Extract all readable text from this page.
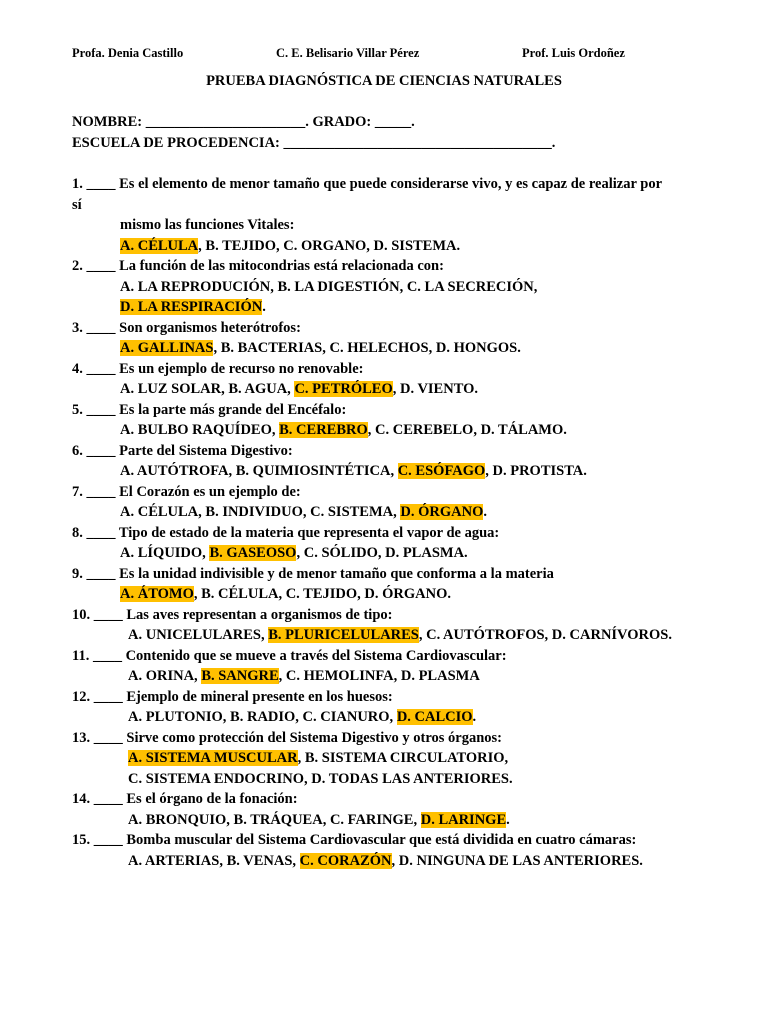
Profa. Denia Castillo	C. E. Belisario Villar Pérez	Prof. Luis Ordoñez
PRUEBA DIAGNÓSTICA DE CIENCIAS NATURALES
NOMBRE: ______________________. GRADO: _____.
ESCUELA DE PROCEDENCIA: _____________________________________.
1. ____ Es el elemento de menor tamaño que puede considerarse vivo, y es capaz de realizar por
sí
mismo las funciones Vitales:
A. CÉLULA, B. TEJIDO, C. ORGANO, D. SISTEMA.
2. ____ La función de las mitocondrias está relacionada con:
A. LA REPRODUCIÓN, B. LA DIGESTIÓN, C. LA SECRECIÓN,
D. LA RESPIRACIÓN.
3. ____ Son organismos heterótrofos:
A. GALLINAS, B. BACTERIAS, C. HELECHOS, D. HONGOS.
4. ____ Es un ejemplo de recurso no renovable:
A. LUZ SOLAR, B. AGUA, C. PETRÓLEO, D. VIENTO.
5. ____ Es la parte más grande del Encéfalo:
A. BULBO RAQUÍDEO, B. CEREBRO, C. CEREBELO, D. TÁLAMO.
6. ____ Parte del Sistema Digestivo:
A. AUTÓTROFA, B. QUIMIOSINTÉTICA, C. ESÓFAGO, D. PROTISTA.
7. ____ El Corazón es un ejemplo de:
A. CÉLULA, B. INDIVIDUO, C. SISTEMA, D. ÓRGANO.
8. ____ Tipo de estado de la materia que representa el vapor de agua:
A. LÍQUIDO, B. GASEOSO, C. SÓLIDO, D. PLASMA.
9. ____ Es la unidad indivisible y de menor tamaño que conforma a la materia
A. ÁTOMO, B. CÉLULA, C. TEJIDO, D. ÓRGANO.
10. ____ Las aves representan a organismos de tipo:
A. UNICELULARES, B. PLURICELULARES, C. AUTÓTROFOS, D. CARNÍVOROS.
11. ____ Contenido que se mueve a través del Sistema Cardiovascular:
A. ORINA, B. SANGRE, C. HEMOLINFA, D. PLASMA
12. ____ Ejemplo de mineral presente en los huesos:
A. PLUTONIO, B. RADIO, C. CIANURO, D. CALCIO.
13. ____ Sirve como protección del Sistema Digestivo y otros órganos:
A. SISTEMA MUSCULAR, B. SISTEMA CIRCULATORIO,
C. SISTEMA ENDOCRINO, D. TODAS LAS ANTERIORES.
14. ____ Es el órgano de la fonación:
A. BRONQUIO, B. TRÁQUEA, C. FARINGE, D. LARINGE.
15. ____ Bomba muscular del Sistema Cardiovascular que está dividida en cuatro cámaras:
A. ARTERIAS, B. VENAS, C. CORAZÓN, D. NINGUNA DE LAS ANTERIORES.
